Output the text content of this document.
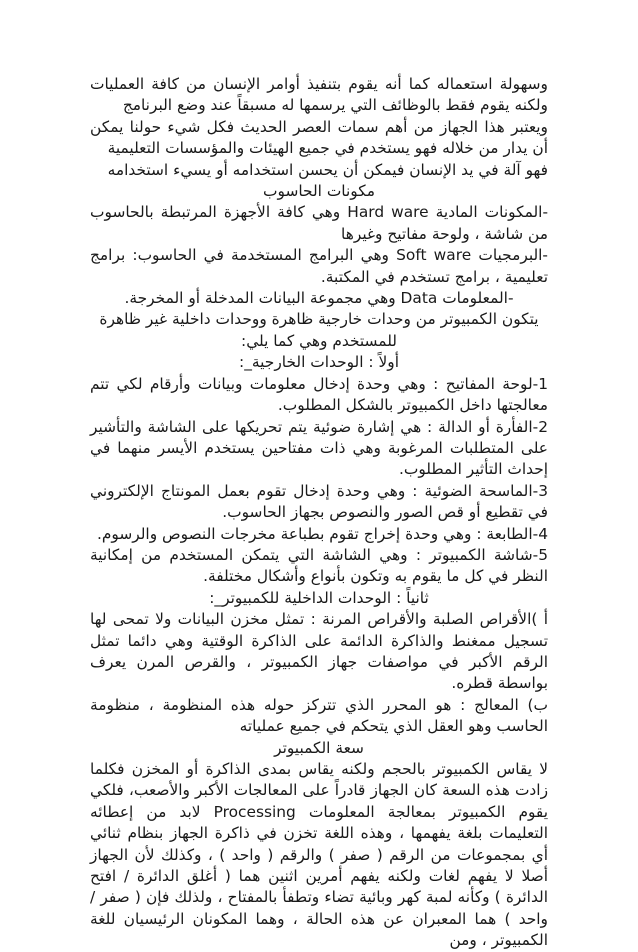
وسهولة استعماله كما أنه يقوم بتنفيذ أوامر الإنسان من كافة العمليات ولكنه يقوم فقط بالوظائف التي يرسمها له مسبقاً عند وضع البرنامج

ويعتبر هذا الجهاز من أهم سمات العصر الحديث فكل شيء حولنا يمكن أن يدار من خلاله فهو يستخدم في جميع الهيئات والمؤسسات التعليمية

فهو آلة في يد الإنسان فيمكن أن يحسن استخدامه أو يسيء استخدامه

مكونات الحاسوب

-المكونات المادية Hard ware وهي كافة الأجهزة المرتبطة بالحاسوب من شاشة ، ولوحة مفاتيح وغيرها

-البرمجيات Soft ware وهي البرامج المستخدمة في الحاسوب: برامج تعليمية ، برامج تستخدم في المكتبة.

-المعلومات Data وهي مجموعة البيانات المدخلة أو المخرجة.

يتكون الكمبيوتر من وحدات خارجية ظاهرة ووحدات داخلية غير ظاهرة للمستخدم وهي كما يلي:

أولاً : الوحدات الخارجية_:

1-لوحة المفاتيح : وهي وحدة إدخال معلومات وبيانات وأرقام لكي تتم معالجتها داخل الكمبيوتر بالشكل المطلوب.

2-الفأرة أو الدالة : هي إشارة ضوئية يتم تحريكها على الشاشة والتأشير على المتطلبات المرغوبة وهي ذات مفتاحين يستخدم الأيسر منهما في إحداث التأثير المطلوب.

3-الماسحة الضوئية : وهي وحدة إدخال تقوم بعمل المونتاج الإلكتروني في تقطيع أو قص الصور والنصوص بجهاز الحاسوب.

4-الطابعة : وهي وحدة إخراج تقوم بطباعة مخرجات النصوص والرسوم.

5-شاشة الكمبيوتر : وهي الشاشة التي يتمكن المستخدم من إمكانية النظر في كل ما يقوم به وتكون بأنواع وأشكال مختلفة.

ثانياً : الوحدات الداخلية للكمبيوتر_:

أ )الأقراص الصلبة والأقراص المرنة : تمثل مخزن البيانات ولا تمحى لها تسجيل ممغنط والذاكرة الدائمة على الذاكرة الوقتية وهي دائما تمثل الرقم الأكبر في مواصفات جهاز الكمبيوتر ، والقرص المرن يعرف بواسطة قطره.

ب) المعالج : هو المحرر الذي تتركز حوله هذه المنظومة ، منظومة الحاسب وهو العقل الذي يتحكم في جميع عملياته

سعة الكمبيوتر

لا يقاس الكمبيوتر بالحجم ولكنه يقاس بمدى الذاكرة أو المخزن فكلما زادت هذه السعة كان الجهاز قادراً على المعالجات الأكبر والأصعب، فلكي يقوم الكمبيوتر بمعالجة المعلومات Processing لابد من إعطائه التعليمات بلغة يفهمها ، وهذه اللغة تخزن في ذاكرة الجهاز بنظام ثنائي أي بمجموعات من الرقم ( صفر ) والرقم ( واحد ) ، وكذلك لأن الجهاز أصلا لا يفهم لغات ولكنه يفهم أمرين اثنين هما ( أغلق الدائرة / افتح الدائرة ) وكأنه لمبة كهر وبائية تضاء وتطفأ بالمفتاح ، ولذلك فإن ( صفر / واحد ) هما المعبران عن هذه الحالة ، وهما المكونان الرئيسيان للغة الكمبيوتر ، ومن
